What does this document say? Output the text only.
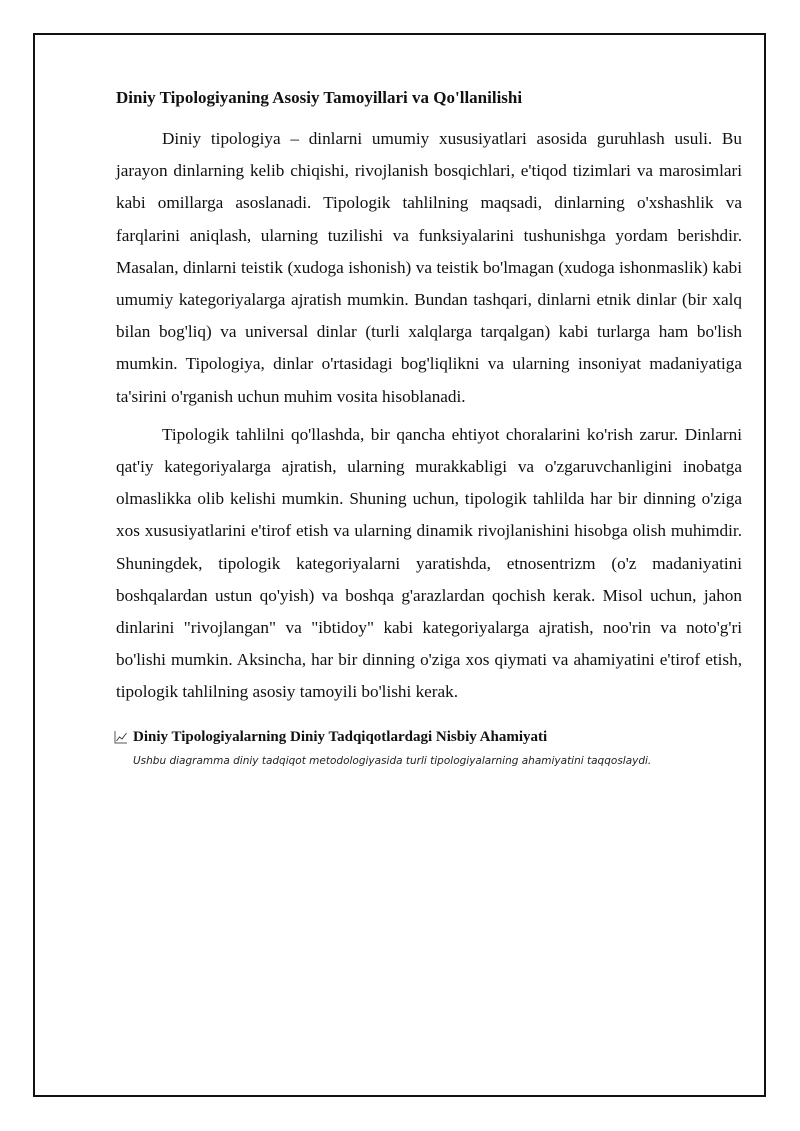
Diniy Tipologiyaning Asosiy Tamoyillari va Qo'llanilishi

Diniy tipologiya – dinlarni umumiy xususiyatlari asosida guruhlash usuli. Bu jarayon dinlarning kelib chiqishi, rivojlanish bosqichlari, e'tiqod tizimlari va marosimlari kabi omillarga asoslanadi. Tipologik tahlilning maqsadi, dinlarning o'xshashlik va farqlarini aniqlash, ularning tuzilishi va funksiyalarini tushunishga yordam berishdir. Masalan, dinlarni teistik (xudoga ishonish) va teistik bo'lmagan (xudoga ishonmaslik) kabi umumiy kategoriyalarga ajratish mumkin. Bundan tashqari, dinlarni etnik dinlar (bir xalq bilan bog'liq) va universal dinlar (turli xalqlarga tarqalgan) kabi turlarga ham bo'lish mumkin. Tipologiya, dinlar o'rtasidagi bog'liqlikni va ularning insoniyat madaniyatiga ta'sirini o'rganish uchun muhim vosita hisoblanadi.

Tipologik tahlilni qo'llashda, bir qancha ehtiyot choralarini ko'rish zarur. Dinlarni qat'iy kategoriyalarga ajratish, ularning murakkabligi va o'zgaruvchanligini inobatga olmaslikka olib kelishi mumkin. Shuning uchun, tipologik tahlilda har bir dinning o'ziga xos xususiyatlarini e'tirof etish va ularning dinamik rivojlanishini hisobga olish muhimdir. Shuningdek, tipologik kategoriyalarni yaratishda, etnosentrizm (o'z madaniyatini boshqalardan ustun qo'yish) va boshqa g'arazlardan qochish kerak. Misol uchun, jahon dinlarini "rivojlangan" va "ibtidoy" kabi kategoriyalarga ajratish, noo'rin va noto'g'ri bo'lishi mumkin. Aksincha, har bir dinning o'ziga xos qiymati va ahamiyatini e'tirof etish, tipologik tahlilning asosiy tamoyili bo'lishi kerak.

Diniy Tipologiyalarning Diniy Tadqiqotlardagi Nisbiy Ahamiyati
Ushbu diagramma diniy tadqiqot metodologiyasida turli tipologiyalarning ahamiyatini taqqoslaydi.
